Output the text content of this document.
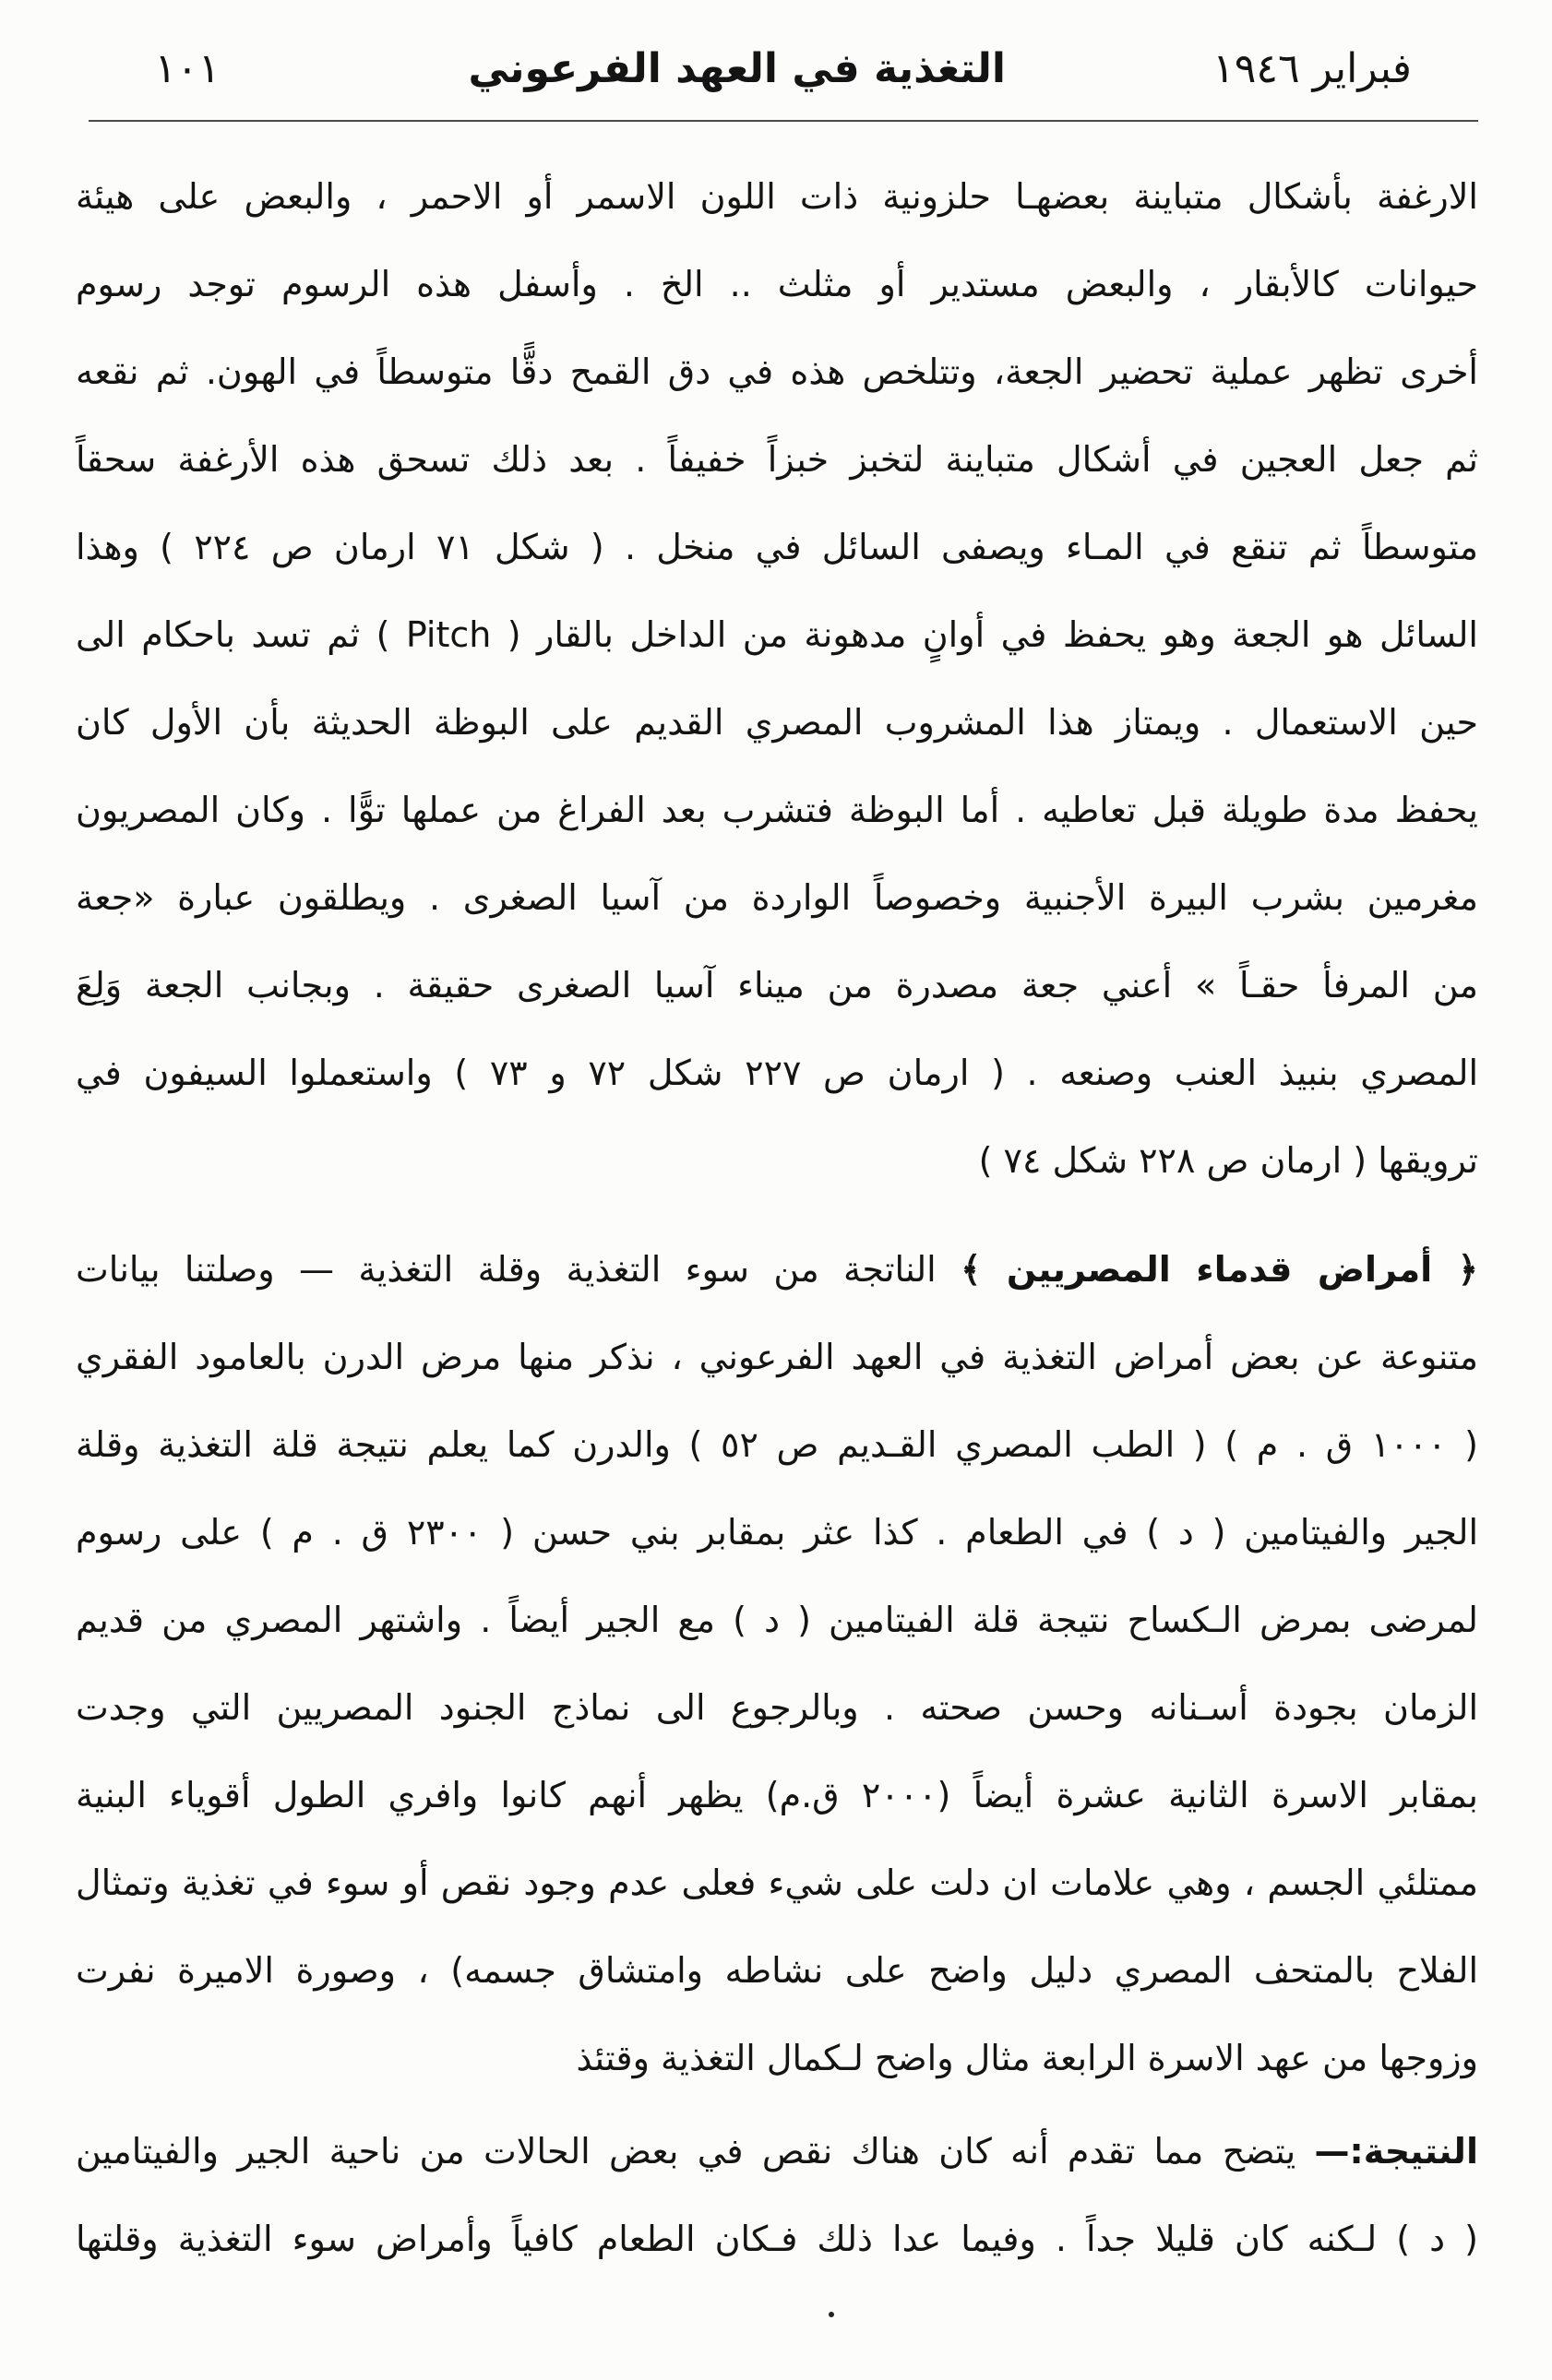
فبراير ١٩٤٦
التغذية في العهد الفرعوني
١٠١
الارغفة بأشكال متباينة بعضهـا حلزونية ذات اللون الاسمر أو الاحمر ، والبعض على هيئة
حيوانات كالأبقار ، والبعض مستدير أو مثلث .. الخ . وأسفل هذه الرسوم توجد رسوم
أخرى تظهر عملية تحضير الجعة، وتتلخص هذه في دق القمح دقًّا متوسطاً في الهون. ثم نقعه
ثم جعل العجين في أشكال متباينة لتخبز خبزاً خفيفاً . بعد ذلك تسحق هذه الأرغفة سحقاً
متوسطاً ثم تنقع في المـاء ويصفى السائل في منخل . ( شكل ٧١ ارمان ص ٢٢٤ ) وهذا
السائل هو الجعة وهو يحفظ في أوانٍ مدهونة من الداخل بالقار ( Pitch ) ثم تسد باحكام الى
حين الاستعمال . ويمتاز هذا المشروب المصري القديم على البوظة الحديثة بأن الأول كان
يحفظ مدة طويلة قبل تعاطيه . أما البوظة فتشرب بعد الفراغ من عملها توًّا . وكان المصريون
مغرمين بشرب البيرة الأجنبية وخصوصاً الواردة من آسيا الصغرى . ويطلقون عبارة «جعة
من المرفأ حقـاً » أعني جعة مصدرة من ميناء آسيا الصغرى حقيقة . وبجانب الجعة وَلِعَ
المصري بنبيذ العنب وصنعه . ( ارمان ص ٢٢٧ شكل ٧٢ و ٧٣ ) واستعملوا السيفون في
ترويقها ( ارمان ص ٢٢٨ شكل ٧٤ )
﴿ أمراض قدماء المصريين ﴾ الناتجة من سوء التغذية وقلة التغذية — وصلتنا بيانات
متنوعة عن بعض أمراض التغذية في العهد الفرعوني ، نذكر منها مرض الدرن بالعامود الفقري
( ١٠٠٠ ق . م ) ( الطب المصري القـديم ص ٥٢ ) والدرن كما يعلم نتيجة قلة التغذية وقلة
الجير والفيتامين ( د ) في الطعام . كذا عثر بمقابر بني حسن ( ٢٣٠٠ ق . م ) على رسوم
لمرضى بمرض الـكساح نتيجة قلة الفيتامين ( د ) مع الجير أيضاً . واشتهر المصري من قديم
الزمان بجودة أسـنانه وحسن صحته . وبالرجوع الى نماذج الجنود المصريين التي وجدت
بمقابر الاسرة الثانية عشرة أيضاً (٢٠٠٠ ق.م) يظهر أنهم كانوا وافري الطول أقوياء البنية
ممتلئي الجسم ، وهي علامات ان دلت على شيء فعلى عدم وجود نقص أو سوء في تغذية وتمثال
الفلاح بالمتحف المصري دليل واضح على نشاطه وامتشاق جسمه) ، وصورة الاميرة نفرت
وزوجها من عهد الاسرة الرابعة مثال واضح لـكمال التغذية وقتئذ
النتيجة:— يتضح مما تقدم أنه كان هناك نقص في بعض الحالات من ناحية الجير والفيتامين
( د ) لـكنه كان قليلا جداً . وفيما عدا ذلك فـكان الطعام كافياً وأمراض سوء التغذية وقلتها
